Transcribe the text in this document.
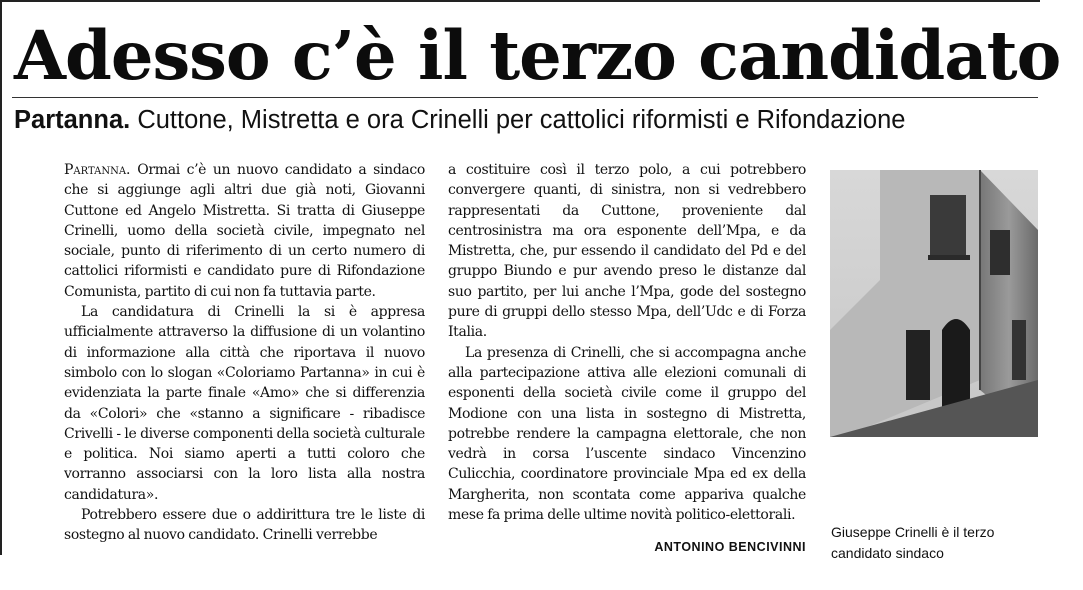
Adesso c’è il terzo candidato

Partanna. Cuttone, Mistretta e ora Crinelli per cattolici riformisti e Rifondazione

Partanna. Ormai c’è un nuovo candidato a sindaco che si aggiunge agli altri due già noti, Giovanni Cuttone ed Angelo Mistretta. Si tratta di Giuseppe Crinelli, uomo della società civile, impegnato nel sociale, punto di riferimento di un certo numero di cattolici riformisti e candidato pure di Rifondazione Comunista, partito di cui non fa tuttavia parte.

La candidatura di Crinelli la si è appresa ufficialmente attraverso la diffusione di un volantino di informazione alla città che riportava il nuovo simbolo con lo slogan «Coloriamo Partanna» in cui è evidenziata la parte finale «Amo» che si differenzia da «Colori» che «stanno a significare - ribadisce Crivelli - le diverse componenti della società culturale e politica. Noi siamo aperti a tutti coloro che vorranno associarsi con la loro lista alla nostra candidatura».

Potrebbero essere due o addirittura tre le liste di sostegno al nuovo candidato. Crinelli verrebbe

a costituire così il terzo polo, a cui potrebbero convergere quanti, di sinistra, non si vedrebbero rappresentati da Cuttone, proveniente dal centrosinistra ma ora esponente dell’Mpa, e da Mistretta, che, pur essendo il candidato del Pd e del gruppo Biundo e pur avendo preso le distanze dal suo partito, per lui anche l’Mpa, gode del sostegno pure di gruppi dello stesso Mpa, dell’Udc e di Forza Italia.

La presenza di Crinelli, che si accompagna anche alla partecipazione attiva alle elezioni comunali di esponenti della società civile come il gruppo del Modione con una lista in sostegno di Mistretta, potrebbe rendere la campagna elettorale, che non vedrà in corsa l’uscente sindaco Vincenzino Culicchia, coordinatore provinciale Mpa ed ex della Margherita, non scontata come appariva qualche mese fa prima delle ultime novità politico-elettorali.

ANTONINO BENCIVINNI

Giuseppe Crinelli è il terzo candidato sindaco
